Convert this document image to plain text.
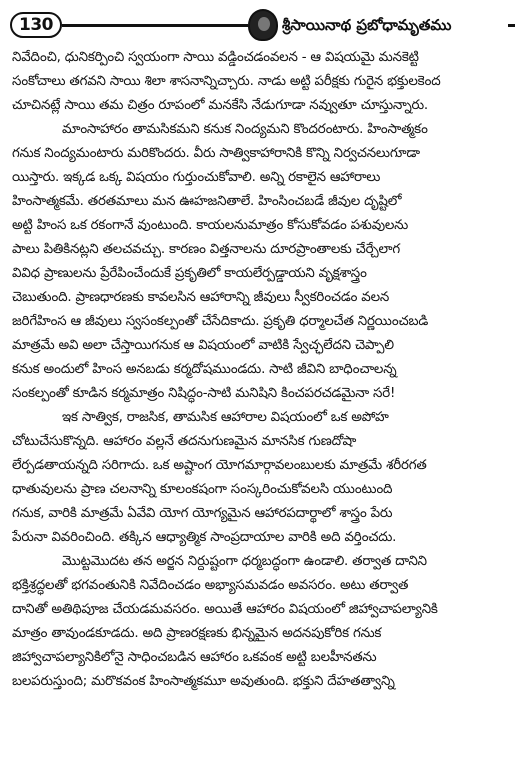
130	శ్రీసాయినాథ ప్రబోధామృతము
నివేదించి, ధునికర్పించి స్వయంగా సాయి వడ్డించడంవలన - ఆ విషయమై మనకెట్టి
సంకోచాలు తగవని సాయి శిలా శాసనాన్నిచ్చారు. నాడు అట్టి పరీక్షకు గురైన భక్తులకెంద
చూచినట్లే సాయి తమ చిత్రం రూపంలో మనకేసి నేడుగూడా నవ్వుతూ చూస్తున్నారు.
మాంసాహారం తామసికమని కనుక నింద్యమని కొందరంటారు. హింసాత్మకం
గనుక నింద్యమంటారు మరికొందరు. వీరు సాత్వికాహారానికి కొన్ని నిర్వచనలుగూడా
యిస్తారు. ఇక్కడ ఒక్క విషయం గుర్తుంచుకోవాలి. అన్ని రకాలైన ఆహారాలు
హింసాత్మకమే. తరతమాలు మన ఊహజనితాలే. హింసించబడే జీవుల దృష్టిలో
అట్టి హింస ఒక రకంగానే వుంటుంది. కాయలనుమాత్రం కోసుకోవడం పశువులను
పాలు పితికినట్లని తలచవచ్చు. కారణం విత్తనాలను దూరప్రాంతాలకు చేర్చేలాగ
వివిధ ప్రాణులను ప్రేరేపించేందుకే ప్రకృతిలో కాయలేర్పడ్డాయని వృక్షశాస్త్రం
చెబుతుంది. ప్రాణధారణకు కావలసిన ఆహారాన్ని జీవులు స్వీకరించడం వలన
జరిగేహింస ఆ జీవులు స్వసంకల్పంతో చేసేదికాదు. ప్రకృతి ధర్మాలచేత నిర్ణయించబడి
మాత్రమే అవి అలా చేస్తాయిగనుక ఆ విషయంలో వాటికి స్వేచ్ఛలేదని చెప్పాలి
కనుక అందులో హింస అనబడు కర్మదోషముండదు. సాటి జీవిని బాధించాలన్న
సంకల్పంతో కూడిన కర్మమాత్రం నిషిద్ధం-సాటి మనిషిని కించపరచడమైనా సరే!
ఇక సాత్విక, రాజసిక, తామసిక ఆహారాల విషయంలో ఒక అపోహ
చోటుచేసుకొన్నది. ఆహారం వల్లనే తదనుగుణమైన మానసిక గుణదోషా
లేర్పడతాయన్నది సరిగాదు. ఒక అష్టాంగ యోగమార్గావలంబులకు మాత్రమే శరీరగత
ధాతువులను ప్రాణ చలనాన్ని కూలంకషంగా సంస్కరించుకోవలసి యుంటుంది
గనుక, వారికి మాత్రమే ఏవేవి యోగ యోగ్యమైన ఆహారపదార్థాలో శాస్త్రం పేరు
పేరునా వివరించింది. తక్కిన ఆధ్యాత్మిక సాంప్రదాయాల వారికి అది వర్తించదు.
మొట్టమొదట తన అర్జన నిర్దుష్టంగా ధర్మబద్ధంగా ఉండాలి. తర్వాత దానిని
భక్తిశ్రద్ధలతో భగవంతునికి నివేదించడం అభ్యాసమవడం అవసరం. అటు తర్వాత
దానితో అతిథిపూజ చేయడమవసరం. అయితే ఆహారం విషయంలో జిహ్వాచాపల్యానికి
మాత్రం తావుండకూడదు. అది ప్రాణరక్షణకు భిన్నమైన అదనపుకోరిక గనుక
జిహ్వాచాపల్యానికిలోనై సాధించబడిన ఆహారం ఒకవంక అట్టి బలహీనతను
బలపరుస్తుంది; మరొకవంక హింసాత్మకమూ అవుతుంది. భక్తుని దేహతత్వాన్ని
